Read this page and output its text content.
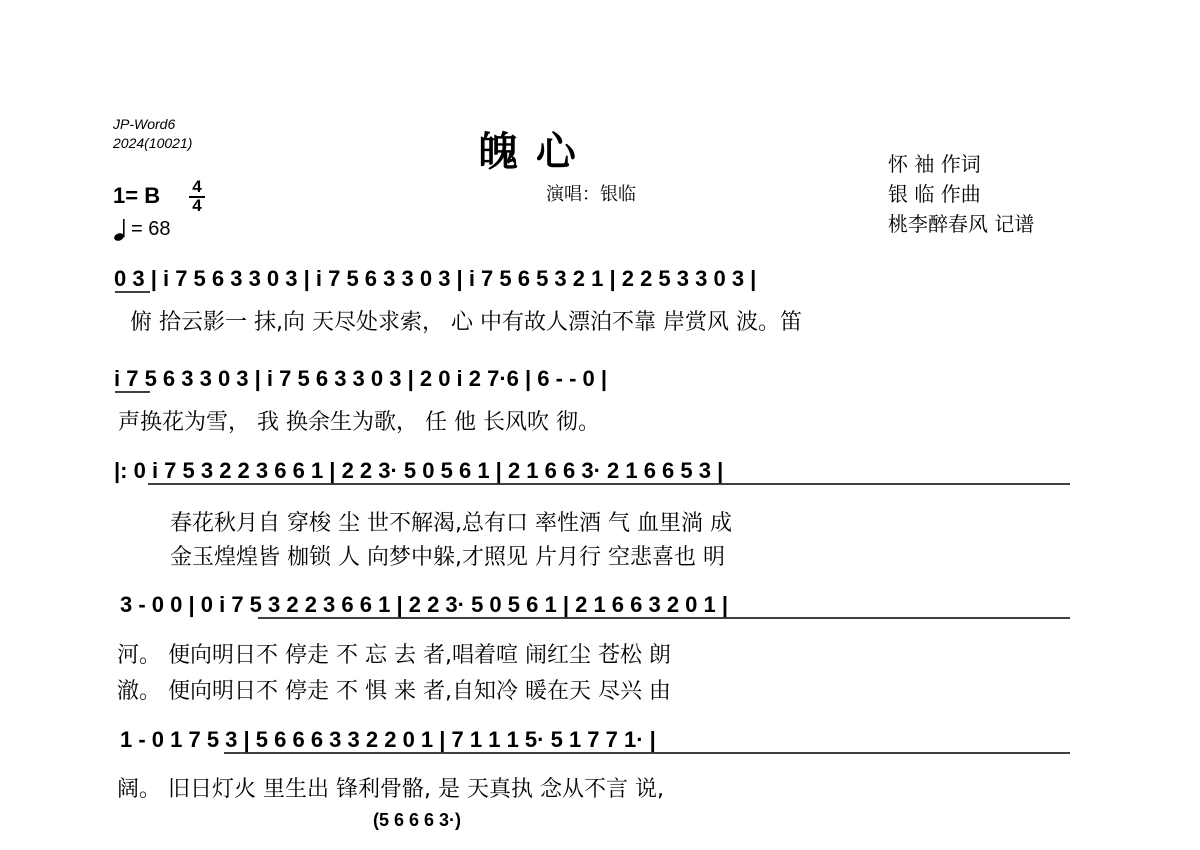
JP-Word6
2024(10021)	魄 心
演唱：银临
怀 袖 作词
银 临 作曲
桃李醉春风 记谱
1= B 4
4
= 68
0 3 | i 7 5 6 3 3 0 3 | i 7 5 6 3 3 0 3 | i 7 5 6 5 3 2 1 | 2 2 5 3 3 0 3 |
俯 拾云影一 抹,向 天尽处求索， 心 中有故人漂泊不靠 岸赏风 波。笛
i 7 5 6 3 3 0 3 | i 7 5 6 3 3 0 3 | 2 0 i 2 7·6 | 6 - - 0 |
声换花为雪， 我 换余生为歌， 任 他 长风吹 彻。
|: 0 i 7 5 3 2 2 3 6 6 1 | 2 2 3· 5 0 5 6 1 | 2 1 6 6 3· 2 1 6 6 5 3 |
春花秋月自 穿梭 尘 世不解渴,总有口 率性酒 气 血里淌 成
金玉煌煌皆 枷锁 人 向梦中躲,才照见 片月行 空悲喜也 明
3 - 0 0 | 0 i 7 5 3 2 2 3 6 6 1 | 2 2 3· 5 0 5 6 1 | 2 1 6 6 3 2 0 1 |
河。 便向明日不 停走 不 忘 去 者,唱着喧 闹红尘 苍松 朗
澈。 便向明日不 停走 不 惧 来 者,自知冷 暖在天 尽兴 由
1 - 0 1 7 5 3 | 5 6 6 6 3 3 2 2 0 1 | 7 1 1 1 5· 5 1 7 7 1· |
阔。 旧日灯火 里生出 锋利骨骼, 是 天真执 念从不言 说,
(5 6 6 6 3·)
